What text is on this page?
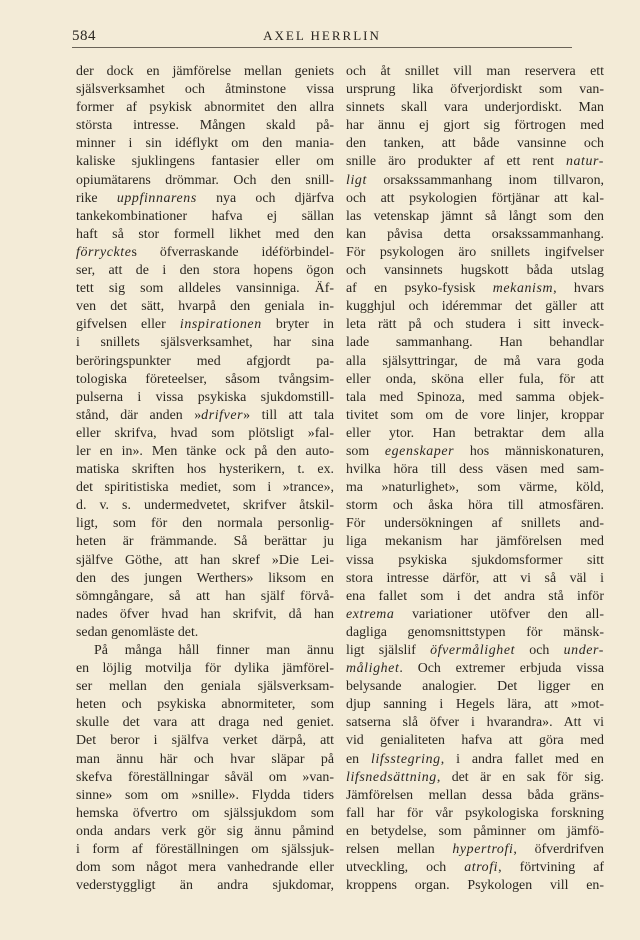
584	AXEL HERRLIN
der dock en jämförelse mellan geniets
själsverksamhet och åtminstone vissa
former af psykisk abnormitet den allra
största intresse. Mången skald på-
minner i sin idéflykt om den mania-
kaliske sjuklingens fantasier eller om
opiumätarens drömmar. Och den snill-
rike uppfinnarens nya och djärfva
tankekombinationer hafva ej sällan
haft så stor formell likhet med den
förrycktes öfverraskande idéförbindel-
ser, att de i den stora hopens ögon
tett sig som alldeles vansinniga. Äf-
ven det sätt, hvarpå den geniala in-
gifvelsen eller inspirationen bryter in
i snillets själsverksamhet, har sina
beröringspunkter med afgjordt pa-
tologiska företeelser, såsom tvångsim-
pulserna i vissa psykiska sjukdomstill-
stånd, där anden »drifver» till att tala
eller skrifva, hvad som plötsligt »fal-
ler en in». Men tänke ock på den auto-
matiska skriften hos hysterikern, t. ex.
det spiritistiska mediet, som i »trance»,
d. v. s. undermedvetet, skrifver åtskil-
ligt, som för den normala personlig-
heten är främmande. Så berättar ju
själfve Göthe, att han skref »Die Lei-
den des jungen Werthers» liksom en
sömngångare, så att han själf förvå-
nades öfver hvad han skrifvit, då han
sedan genomläste det.
På många håll finner man ännu
en löjlig motvilja för dylika jämförel-
ser mellan den geniala själsverksam-
heten och psykiska abnormiteter, som
skulle det vara att draga ned geniet.
Det beror i själfva verket därpå, att
man ännu här och hvar släpar på
skefva föreställningar såväl om »van-
sinne» som om »snille». Flydda tiders
hemska öfvertro om själssjukdom som
onda andars verk gör sig ännu påmind
i form af föreställningen om själssjuk-
dom som något mera vanhedrande eller
vederstyggligt än andra sjukdomar,
och åt snillet vill man reservera ett
ursprung lika öfverjordiskt som van-
sinnets skall vara underjordiskt. Man
har ännu ej gjort sig förtrogen med
den tanken, att både vansinne och
snille äro produkter af ett rent natur-
ligt orsakssammanhang inom tillvaron,
och att psykologien förtjänar att kal-
las vetenskap jämnt så långt som den
kan påvisa detta orsakssammanhang.
För psykologen äro snillets ingifvelser
och vansinnets hugskott båda utslag
af en psyko-fysisk mekanism, hvars
kugghjul och idéremmar det gäller att
leta rätt på och studera i sitt inveck-
lade sammanhang. Han behandlar
alla själsyttringar, de må vara goda
eller onda, sköna eller fula, för att
tala med Spinoza, med samma objek-
tivitet som om de vore linjer, kroppar
eller ytor. Han betraktar dem alla
som egenskaper hos människonaturen,
hvilka höra till dess väsen med sam-
ma »naturlighet», som värme, köld,
storm och åska höra till atmosfären.
För undersökningen af snillets and-
liga mekanism har jämförelsen med
vissa psykiska sjukdomsformer sitt
stora intresse därför, att vi så väl i
ena fallet som i det andra stå inför
extrema variationer utöfver den all-
dagliga genomsnittstypen för mänsk-
ligt själslif öfvermålighet och under-
målighet. Och extremer erbjuda vissa
belysande analogier. Det ligger en
djup sanning i Hegels lära, att »mot-
satserna slå öfver i hvarandra». Att vi
vid genialiteten hafva att göra med
en lifsstegring, i andra fallet med en
lifsnedsättning, det är en sak för sig.
Jämförelsen mellan dessa båda gräns-
fall har för vår psykologiska forskning
en betydelse, som påminner om jämfö-
relsen mellan hypertrofi, öfverdrifven
utveckling, och atrofi, förtvining af
kroppens organ. Psykologen vill en-
